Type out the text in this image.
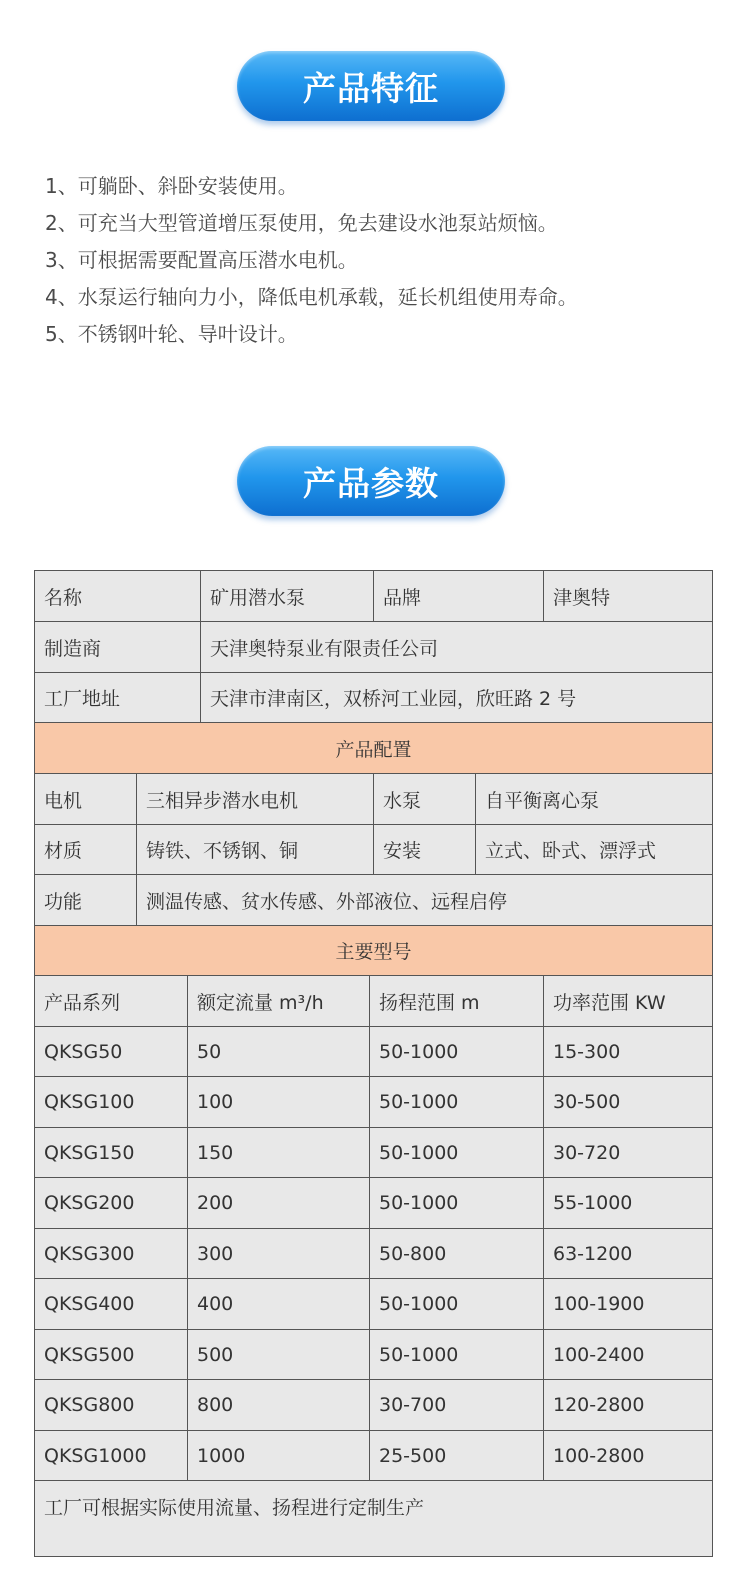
产品特征
1、可躺卧、斜卧安装使用。
2、可充当大型管道增压泵使用，免去建设水池泵站烦恼。
3、可根据需要配置高压潜水电机。
4、水泵运行轴向力小，降低电机承载，延长机组使用寿命。
5、不锈钢叶轮、导叶设计。
产品参数
名称	矿用潜水泵	品牌	津奥特
制造商	天津奥特泵业有限责任公司
工厂地址	天津市津南区，双桥河工业园，欣旺路 2 号
产品配置
电机	三相异步潜水电机	水泵	自平衡离心泵
材质	铸铁、不锈钢、铜	安装	立式、卧式、漂浮式
功能	测温传感、贫水传感、外部液位、远程启停
主要型号
产品系列	额定流量 m³/h	扬程范围 m	功率范围 KW
QKSG50	50	50-1000	15-300
QKSG100	100	50-1000	30-500
QKSG150	150	50-1000	30-720
QKSG200	200	50-1000	55-1000
QKSG300	300	50-800	63-1200
QKSG400	400	50-1000	100-1900
QKSG500	500	50-1000	100-2400
QKSG800	800	30-700	120-2800
QKSG1000	1000	25-500	100-2800
工厂可根据实际使用流量、扬程进行定制生产
